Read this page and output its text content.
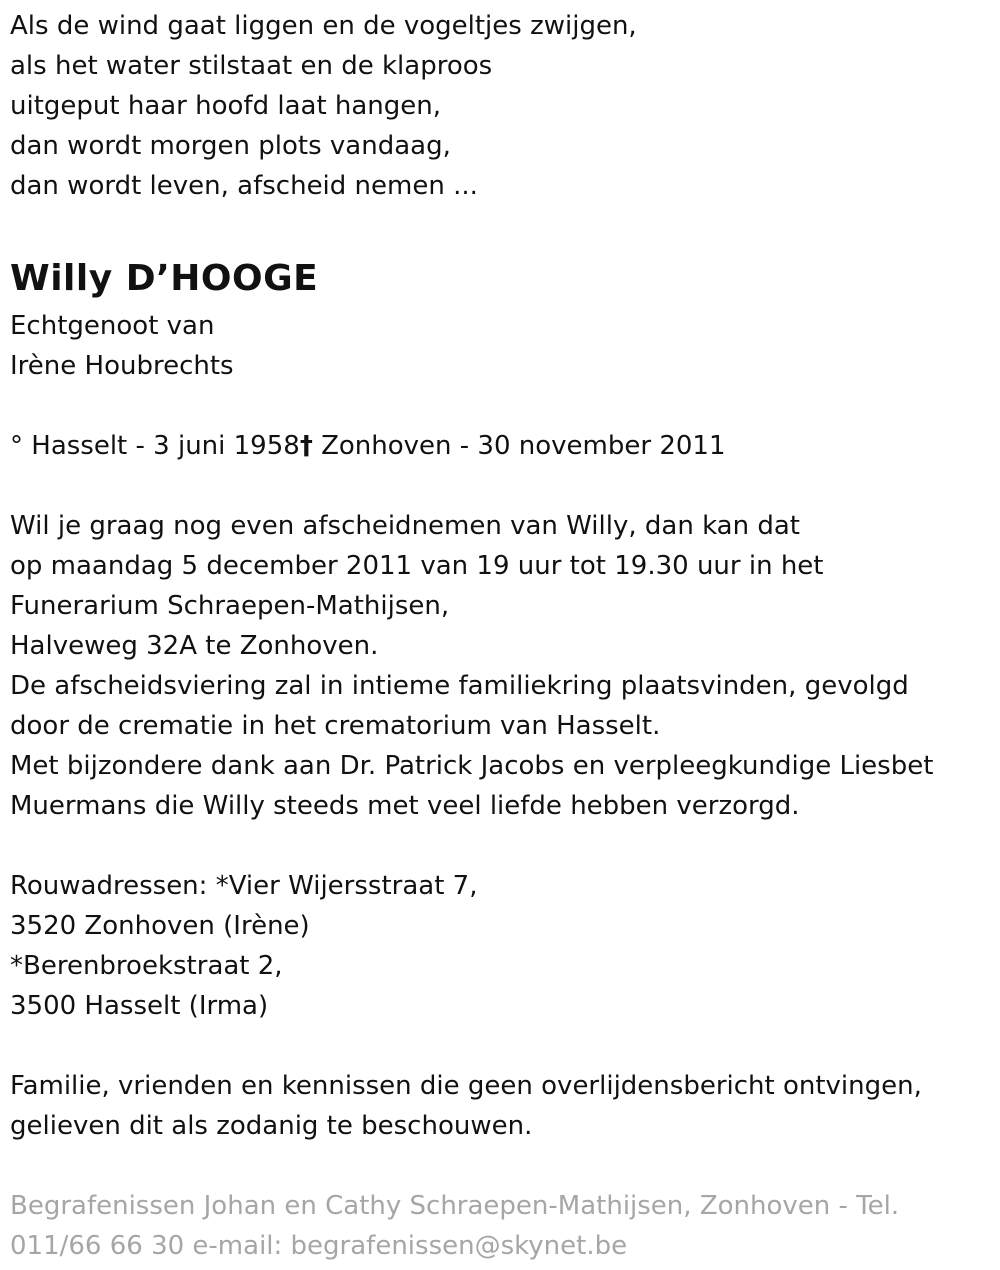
Als de wind gaat liggen en de vogeltjes zwijgen,
als het water stilstaat en de klaproos
uitgeput haar hoofd laat hangen,
dan wordt morgen plots vandaag,
dan wordt leven, afscheid nemen ...
Willy D’HOOGE
Echtgenoot van
Irène Houbrechts
° Hasselt - 3 juni 1958† Zonhoven - 30 november 2011
Wil je graag nog even afscheidnemen van Willy, dan kan dat
op maandag 5 december 2011 van 19 uur tot 19.30 uur in het
Funerarium Schraepen-Mathijsen,
Halveweg 32A te Zonhoven.
De afscheidsviering zal in intieme familiekring plaatsvinden, gevolgd
door de crematie in het crematorium van Hasselt.
Met bijzondere dank aan Dr. Patrick Jacobs en verpleegkundige Liesbet
Muermans die Willy steeds met veel liefde hebben verzorgd.
Rouwadressen: *Vier Wijersstraat 7,
3520 Zonhoven (Irène)
*Berenbroekstraat 2,
3500 Hasselt (Irma)
Familie, vrienden en kennissen die geen overlijdensbericht ontvingen,
gelieven dit als zodanig te beschouwen.
Begrafenissen Johan en Cathy Schraepen-Mathijsen, Zonhoven - Tel.
011/66 66 30 e-mail: begrafenissen@skynet.be
